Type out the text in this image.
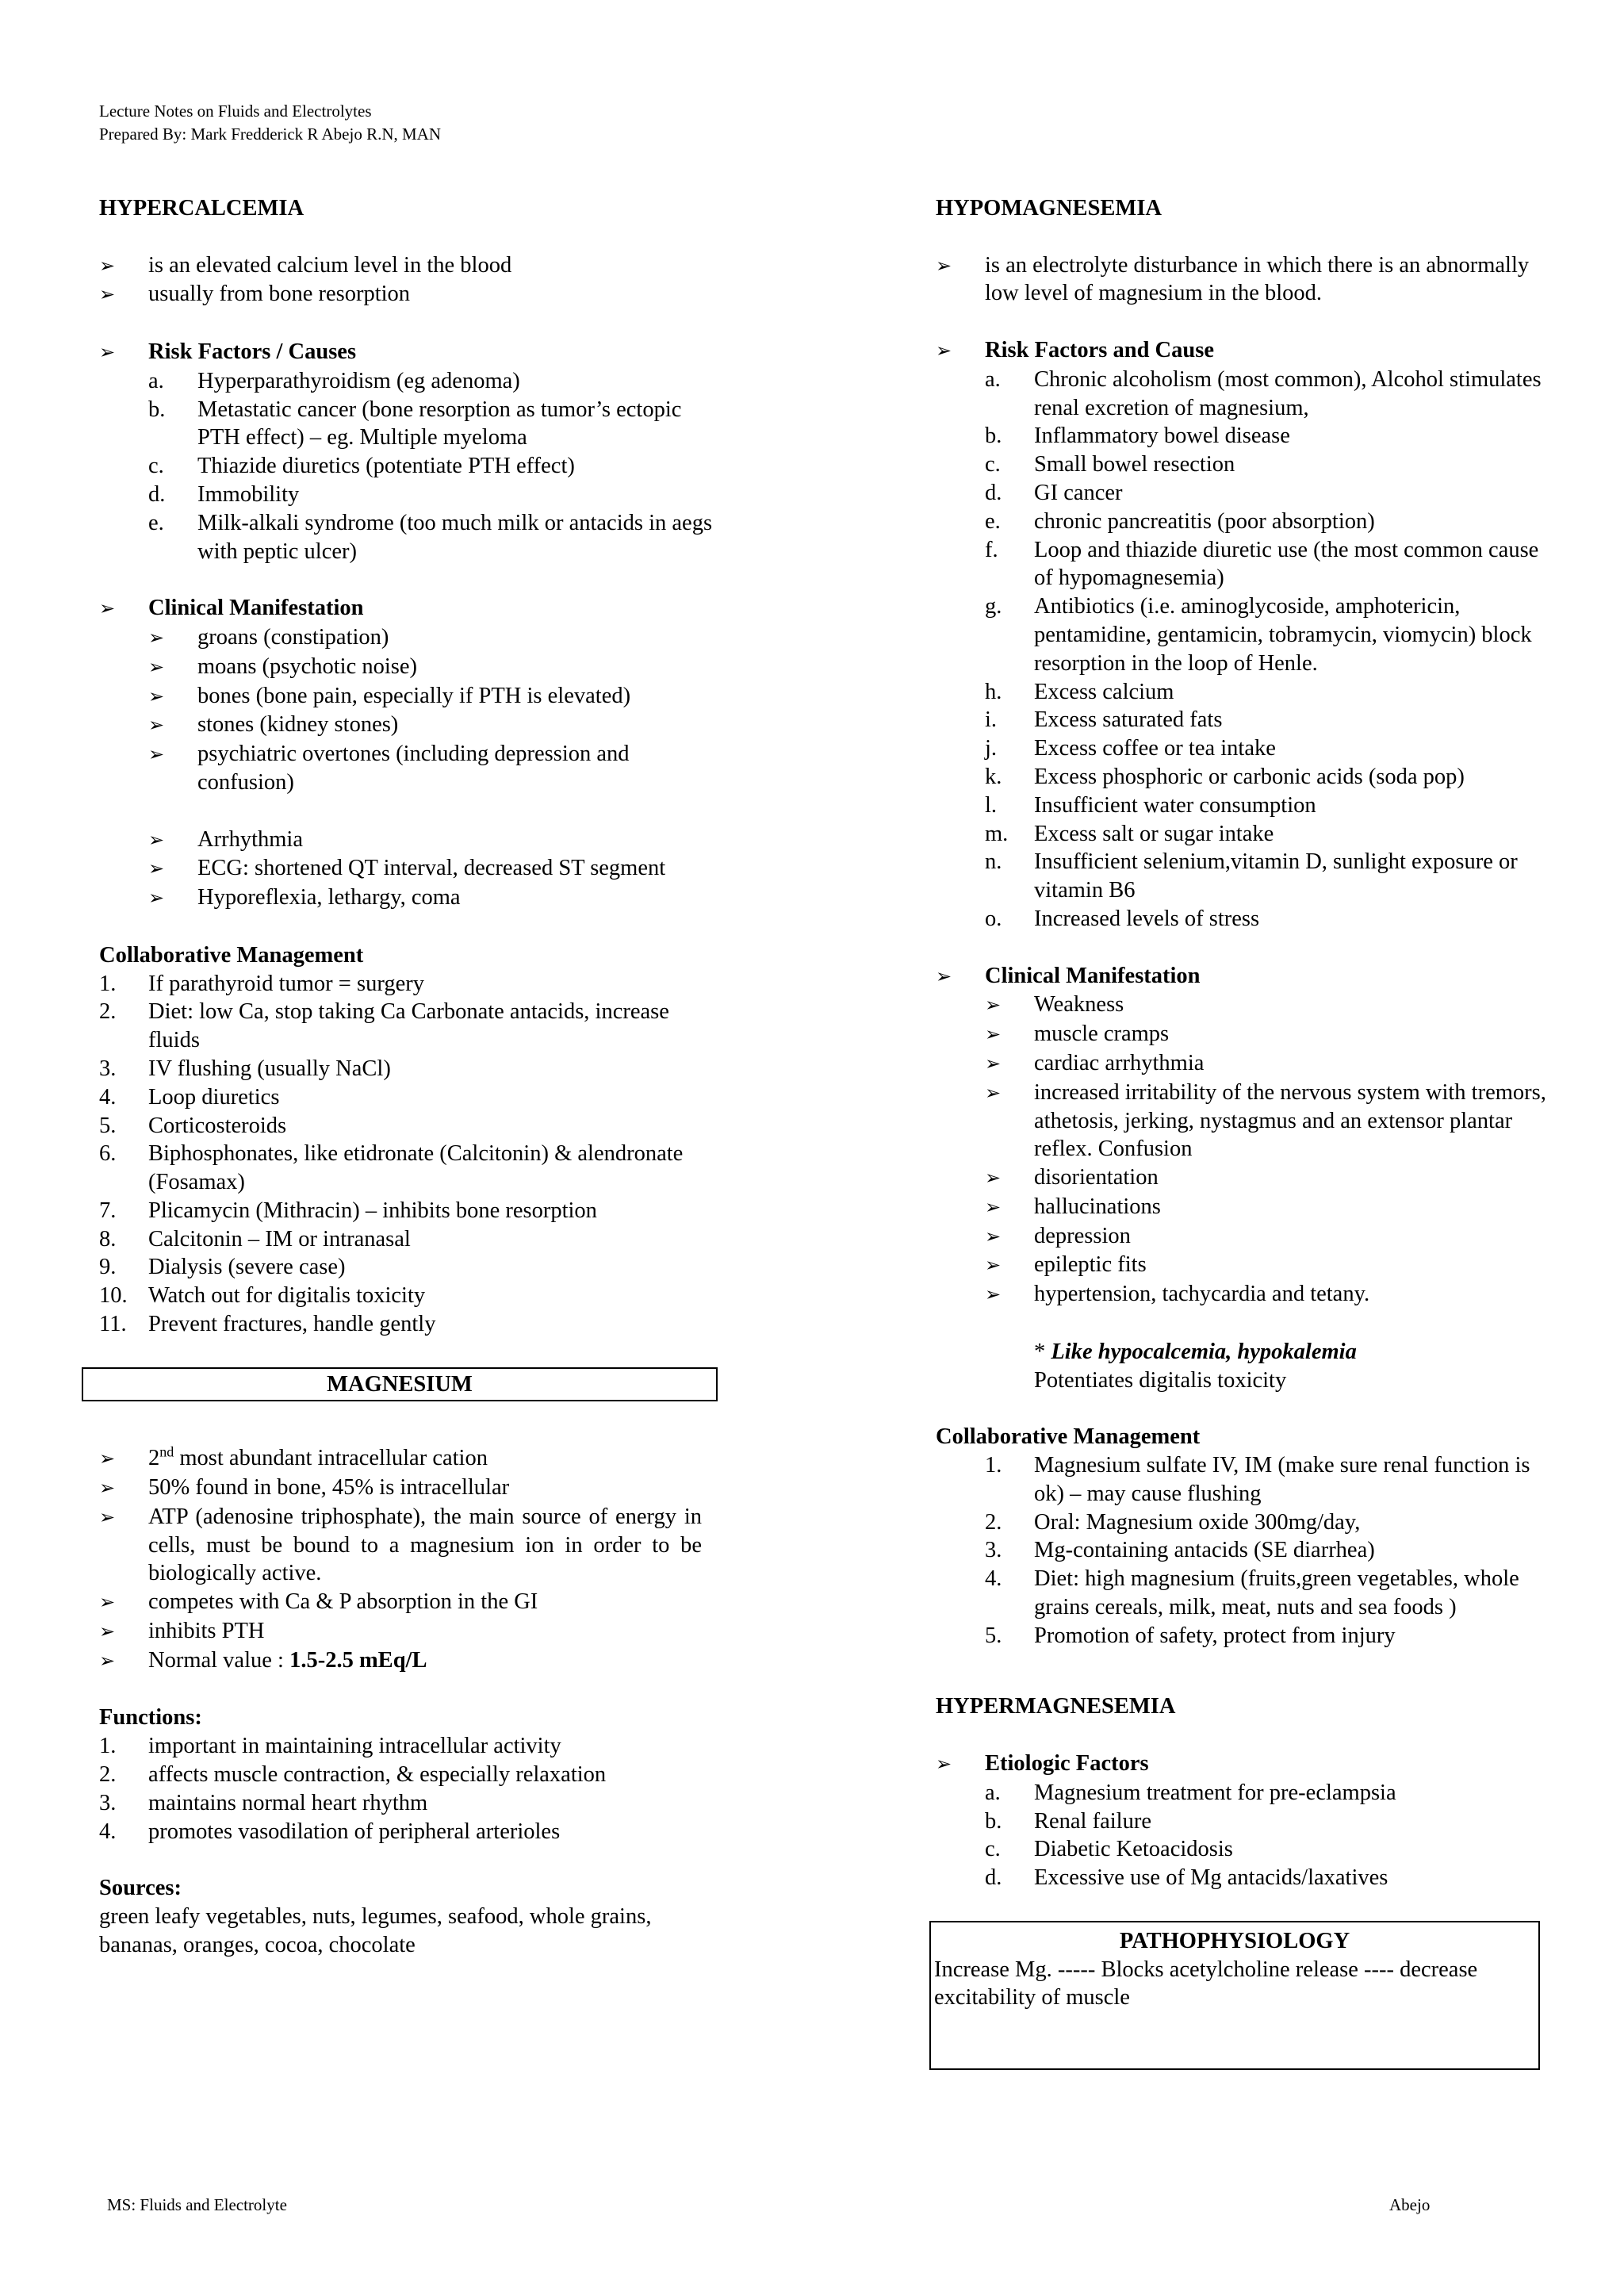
Lecture Notes on Fluids and Electrolytes
Prepared By: Mark Fredderick R Abejo R.N, MAN

HYPERCALCEMIA

➢
is an elevated calcium level in the blood
➢
usually from bone resorption
➢
Risk Factors / Causes
a.	Hyperparathyroidism (eg adenoma)
b.	Metastatic cancer (bone resorption as tumor’s ectopic PTH effect) – eg. Multiple myeloma
c.	Thiazide diuretics (potentiate PTH effect)
d.	Immobility
e.	Milk-alkali syndrome (too much milk or antacids in aegs with peptic ulcer)
➢
Clinical Manifestation
➢
groans (constipation)
➢
moans (psychotic noise)
➢
bones (bone pain, especially if PTH is elevated)
➢
stones (kidney stones)
➢
psychiatric overtones (including depression and confusion)
➢
Arrhythmia
➢
ECG: shortened QT interval, decreased ST segment
➢
Hyporeflexia, lethargy, coma

Collaborative Management

1.	If parathyroid tumor = surgery
2.	Diet: low Ca, stop taking Ca Carbonate antacids, increase fluids
3.	IV flushing (usually NaCl)
4.	Loop diuretics
5.	Corticosteroids
6.	Biphosphonates, like etidronate (Calcitonin) & alendronate (Fosamax)
7.	Plicamycin (Mithracin) – inhibits bone resorption
8.	Calcitonin – IM or intranasal
9.	Dialysis (severe case)
10. Watch out for digitalis toxicity
11. Prevent fractures, handle gently
MAGNESIUM
➢
2nd most abundant intracellular cation
➢
50% found in bone, 45% is intracellular
➢
ATP (adenosine triphosphate), the main source of energy in cells, must be bound to a magnesium ion in order to be biologically active.
➢
competes with Ca & P absorption in the GI
➢
inhibits PTH
➢
Normal value : 1.5-2.5 mEq/L

Functions:

1.	important in maintaining intracellular activity
2.	affects muscle contraction, & especially relaxation
3.	maintains normal heart rhythm
4.	promotes vasodilation of peripheral arterioles

Sources:

green leafy vegetables, nuts, legumes, seafood, whole grains, bananas, oranges, cocoa, chocolate

HYPOMAGNESEMIA

➢
is an electrolyte disturbance in which there is an abnormally low level of magnesium in the blood.
➢
Risk Factors and Cause
a.	Chronic alcoholism (most common), Alcohol stimulates renal excretion of magnesium,
b.	Inflammatory bowel disease
c.	Small bowel resection
d.	GI cancer
e.	chronic pancreatitis (poor absorption)
f.	Loop and thiazide diuretic use (the most common cause of hypomagnesemia)
g.	Antibiotics (i.e. aminoglycoside, amphotericin, pentamidine, gentamicin, tobramycin, viomycin) block resorption in the loop of Henle.
h.	Excess calcium
i.	Excess saturated fats
j.	Excess coffee or tea intake
k.	Excess phosphoric or carbonic acids (soda pop)
l.	Insufficient water consumption
m.	Excess salt or sugar intake
n.	Insufficient selenium,vitamin D, sunlight exposure or vitamin B6
o.	Increased levels of stress
➢
Clinical Manifestation
➢
Weakness
➢
muscle cramps
➢
cardiac arrhythmia
➢
increased irritability of the nervous system with tremors, athetosis, jerking, nystagmus and an extensor plantar reflex. Confusion
➢
disorientation
➢
hallucinations
➢
depression
➢
epileptic fits
➢
hypertension, tachycardia and tetany.
* Like hypocalcemia, hypokalemia
Potentiates digitalis toxicity

Collaborative Management

1.	Magnesium sulfate IV, IM (make sure renal function is ok) – may cause flushing
2.	Oral: Magnesium oxide 300mg/day,
3.	Mg-containing antacids (SE diarrhea)
4.	Diet: high magnesium (fruits,green vegetables, whole grains cereals, milk, meat, nuts and sea foods )
5.	Promotion of safety, protect from injury

HYPERMAGNESEMIA

➢
Etiologic Factors
a.	Magnesium treatment for pre-eclampsia
b.	Renal failure
c.	Diabetic Ketoacidosis
d.	Excessive use of Mg antacids/laxatives
PATHOPHYSIOLOGY
Increase Mg. ----- Blocks acetylcholine release ---- decrease excitability of muscle
MS: Fluids and Electrolyte	Abejo
